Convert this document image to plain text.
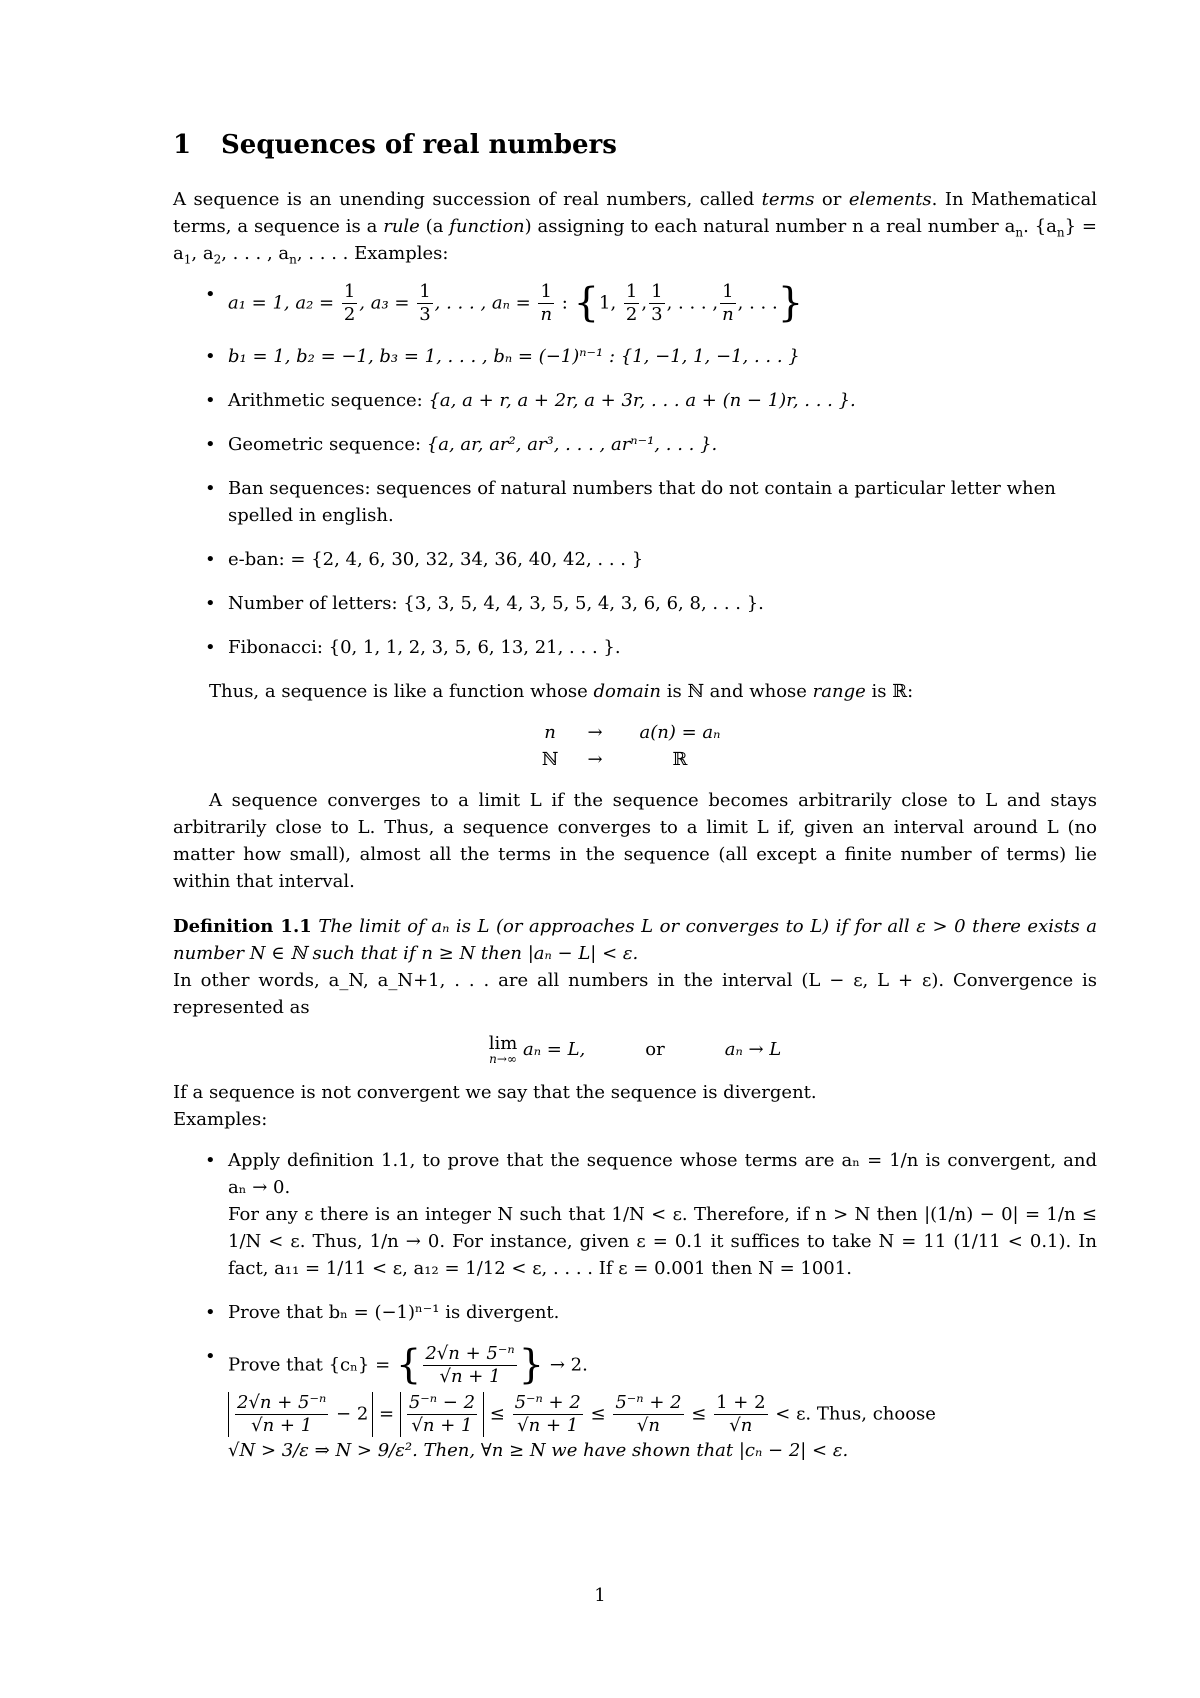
1 Sequences of real numbers

A sequence is an unending succession of real numbers, called terms or elements. In Mathematical terms, a sequence is a rule (a function) assigning to each natural number n a real number $a_n$. $\{a_n\} = a_1$, $a_2$, . . . , $a_n$, . . . . Examples:

• a₁ = 1, $a_2 = \frac{1}{2}$ , $a_3 = \frac{1}{3}$ , . . . , $a_n = \frac{1}{n}$ : {1, $\frac{1}{2}$ , $\frac{1}{3}$ , . . . , $\frac{1}{n}$ , . . .}
• b₁ = 1, b₂ = −1, b₃ = 1, . . . , bₙ = (−1)ⁿ⁻¹ : {1, −1, 1, −1, . . . }
• Arithmetic sequence: {a, a + r, a + 2r, a + 3r, . . . a + (n − 1)r, . . . }.
• Geometric sequence: {a, ar, ar², ar³, . . . , arⁿ⁻¹, . . . }.
• Ban sequences: sequences of natural numbers that do not contain a particular letter when spelled in english.
• e-ban: = {2, 4, 6, 30, 32, 34, 36, 40, 42, . . . }
• Number of letters: {3, 3, 5, 4, 4, 3, 5, 5, 4, 3, 6, 6, 8, . . . }.
• Fibonacci: {0, 1, 1, 2, 3, 5, 6, 13, 21, . . . }.

Thus, a sequence is like a function whose domain is ℕ and whose range is ℝ:

n	→	a(n) = aₙ
ℕ	→	ℝ

A sequence converges to a limit L if the sequence becomes arbitrarily close to L and stays arbitrarily close to L. Thus, a sequence converges to a limit L if, given an interval around L (no matter how small), almost all the terms in the sequence (all except a finite number of terms) lie within that interval.

Definition 1.1 The limit of aₙ is L (or approaches L or converges to L) if for all ε > 0 there exists a number N ∈ ℕ such that if n ≥ N then |aₙ − L| < ε.

In other words, a_N, a_N+1, . . . are all numbers in the interval (L − ε, L + ε). Convergence is represented as

lim
n→∞ aₙ = L,	or	aₙ → L

If a sequence is not convergent we say that the sequence is divergent.

Examples:

• Apply definition 1.1, to prove that the sequence whose terms are aₙ = 1/n is convergent, and aₙ → 0.

For any ε there is an integer N such that 1/N < ε. Therefore, if n > N then |(1/n) − 0| = 1/n ≤ 1/N < ε. Thus, 1/n → 0. For instance, given ε = 0.1 it suffices to take N = 11 (1/11 < 0.1). In fact, a₁₁ = 1/11 < ε, a₁₂ = 1/12 < ε, . . . . If ε = 0.001 then N = 1001.

• Prove that bₙ = (−1)ⁿ⁻¹ is divergent.
• Prove that {cₙ} = { $\frac{\text{2√n + 5⁻ⁿ}}{√n + 1}$ } → 2.
$\frac{\text{2√n + 5⁻ⁿ}}{√n + 1} - 2 = \frac{\text{5⁻ⁿ − 2}}{√n + 1} \le \frac{\text{5⁻ⁿ + 2}}{√n + 1} \le \frac{\text{5⁻ⁿ + 2}}{√n} \le \frac{1 + 2}{√n} < \varepsilon$. Thus, choose
√N > 3/ε ⇒ N > 9/ε². Then, ∀n ≥ N we have shown that |cₙ − 2| < ε.
1
